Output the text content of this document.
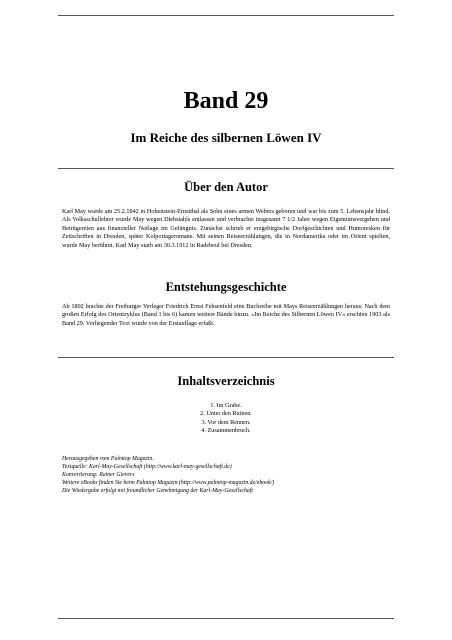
Band 29
Im Reiche des silbernen Löwen IV
Über den Autor

Karl May wurde am 25.2.1842 in Hohenstein-Ernstthal als Sohn eines armen Webers geboren und war bis zum 5. Lebensjahr blind. Als Volksschullehrer wurde May wegen Diebstahls entlassen und verbrachte insgesamt 7 1/2 Jahre wegen Eigentumsvergehen und Betrügereien aus finanzieller Notlage im Gefängnis. Zunächst schrieb er erzgebirgische Dorfgeschichten und Humoresken für Zeitschriften in Dresden, später Kolportageromane. Mit seinen Reiseerzählungen, die in Nordamerika oder im Orient spielten, wurde May berühmt. Karl May starb am 30.3.1912 in Radebeul bei Dresden.

Entstehungsgeschichte

Ab 1892 brachte der Freiburger Verleger Friedrich Ernst Fehsenfeld eine Buchreihe mit Mays Reiseerzählungen heraus. Nach dem großen Erfolg des Orientzyklus (Band 1 bis 6) kamen weitere Bände hinzu. »Im Reiche des Silbernen Löwen IV« erschien 1903 als Band 29. Vorliegender Text wurde von der Erstauflage erfaßt.

Inhaltsverzeichnis
1. Im Grabe.
2. Unter den Ruinen.
3. Vor dem Rennen.
4. Zusammenbruch.
Herausgegeben vom Palmtop Magazin.
Textquelle: Karl-May-Gesellschaft (http://www.karl-may-gesellschaft.de)
Konvertierung: Rainer Gievers
Weitere eBooks finden Sie beim Palmtop Magazin (http://www.palmtop-magazin.de/ebook/)
Die Wiedergabe erfolgt mit freundlicher Genehmigung der Karl-May-Gesellschaft
